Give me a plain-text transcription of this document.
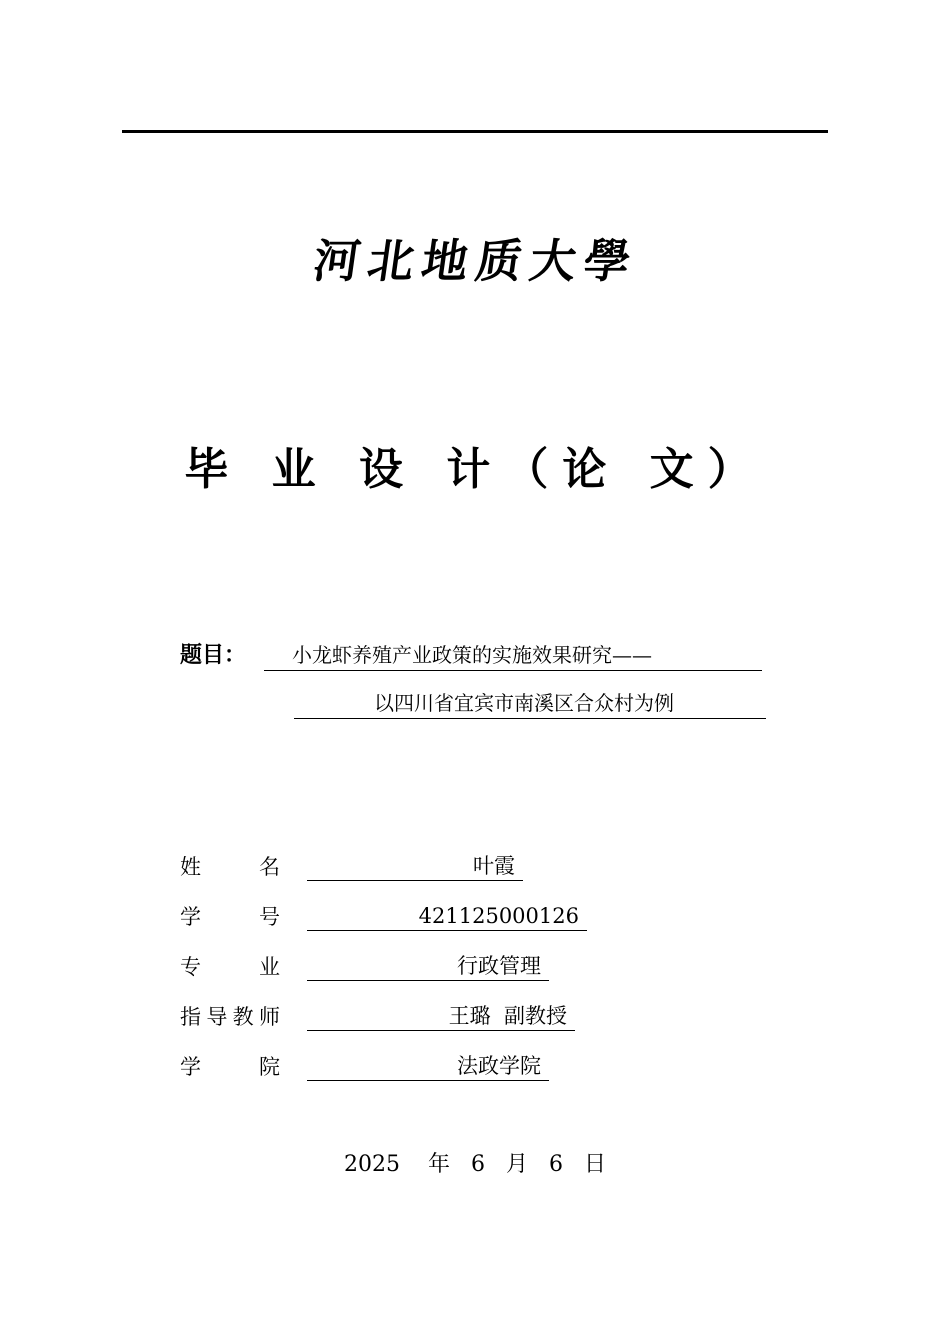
河北地质大學
毕 业 设 计（论 文）
题目：	小龙虾养殖产业政策的实施效果研究——
以四川省宜宾市南溪区合众村为例
姓名	叶霞
学号	421125000126
专业	行政管理
指导教师	王璐  副教授
学院	法政学院
2025 年 6 月 6 日
